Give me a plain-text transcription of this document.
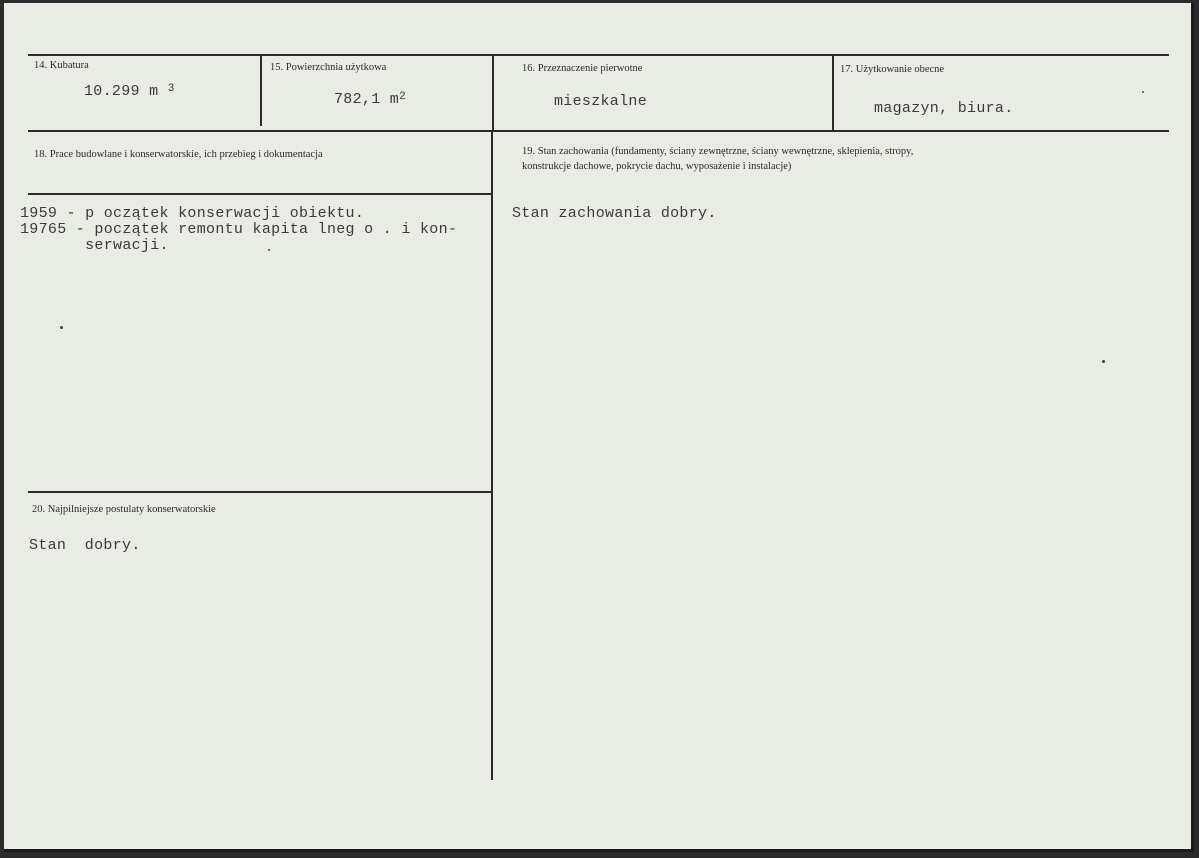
14. Kubatura
10.299 m $^3$
15. Powierzchnia użytkowa
782,1 $m^2$
16. Przeznaczenie pierwotne
mieszkalne
17. Użytkowanie obecne
magazyn, biura.
18. Prace budowlane i konserwatorskie, ich przebieg i dokumentacja
1959 - p oczątek konserwacji obiektu.
19765 - początek remontu kapita lneg o . i kon-
serwacji.
19. Stan zachowania (fundamenty, ściany zewnętrzne, ściany wewnętrzne, sklepienia, stropy,
konstrukcje dachowe, pokrycie dachu, wyposażenie i instalacje)
Stan zachowania dobry.
20. Najpilniejsze postulaty konserwatorskie
Stan  dobry.
